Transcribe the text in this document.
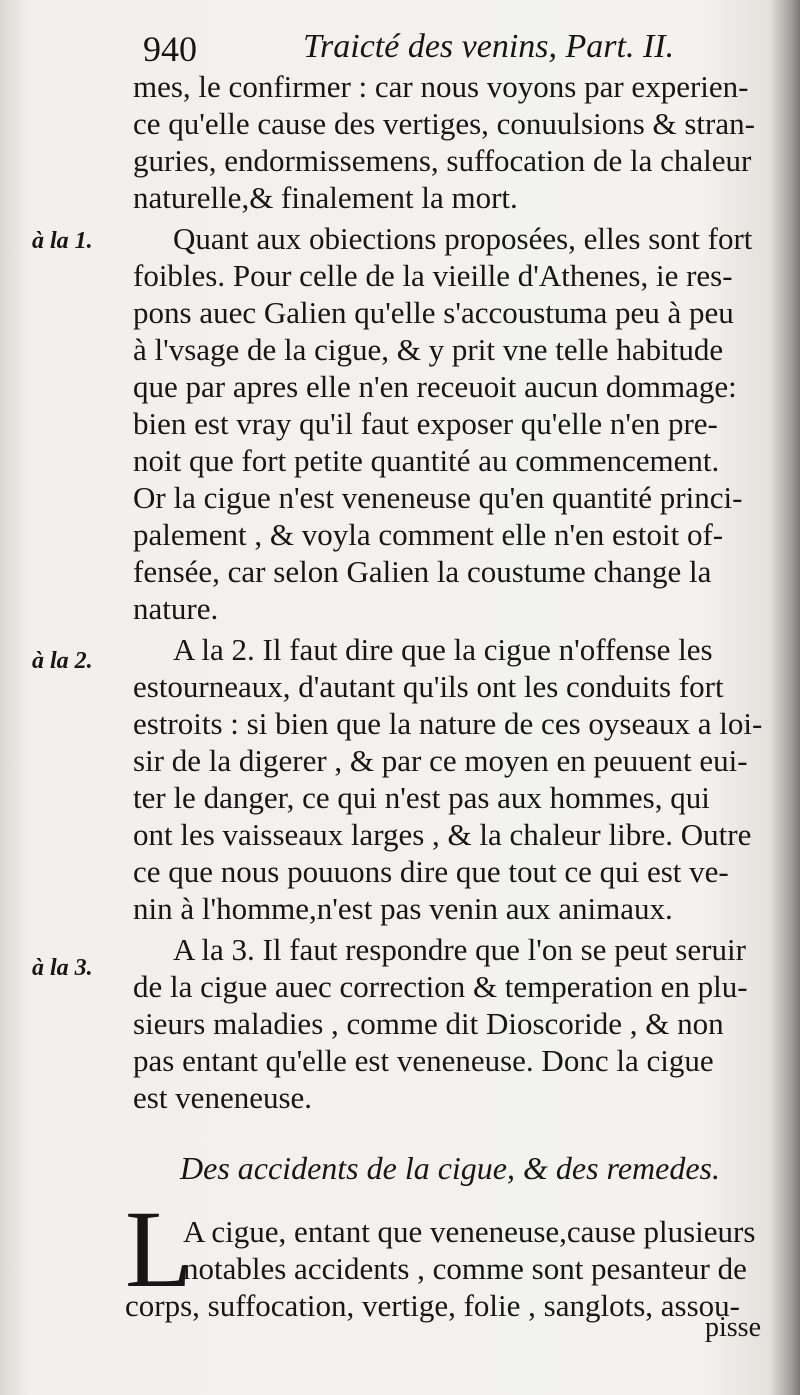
940	Traicté des venins, Part. II.
à la 1.
à la 2.
à la 3.
mes, le confirmer : car nous voyons par experien-
ce qu'elle cause des vertiges, conuulsions & stran-
guries, endormissemens, suffocation de la chaleur
naturelle,& finalement la mort.
Quant aux obiections proposées, elles sont fort
foibles. Pour celle de la vieille d'Athenes, ie res-
pons auec Galien qu'elle s'accoustuma peu à peu
à l'vsage de la cigue, & y prit vne telle habitude
que par apres elle n'en receuoit aucun dommage:
bien est vray qu'il faut exposer qu'elle n'en pre-
noit que fort petite quantité au commencement.
Or la cigue n'est veneneuse qu'en quantité princi-
palement , & voyla comment elle n'en estoit of-
fensée, car selon Galien la coustume change la
nature.
A la 2. Il faut dire que la cigue n'offense les
estourneaux, d'autant qu'ils ont les conduits fort
estroits : si bien que la nature de ces oyseaux a loi-
sir de la digerer , & par ce moyen en peuuent eui-
ter le danger, ce qui n'est pas aux hommes, qui
ont les vaisseaux larges , & la chaleur libre. Outre
ce que nous pouuons dire que tout ce qui est ve-
nin à l'homme,n'est pas venin aux animaux.
A la 3. Il faut respondre que l'on se peut seruir
de la cigue auec correction & temperation en plu-
sieurs maladies , comme dit Dioscoride , & non
pas entant qu'elle est veneneuse. Donc la cigue
est veneneuse.
Des accidents de la cigue, & des remedes.
L
A cigue, entant que veneneuse,cause plusieurs
notables accidents , comme sont pesanteur de
corps, suffocation, vertige, folie , sanglots, assou-
pisse
